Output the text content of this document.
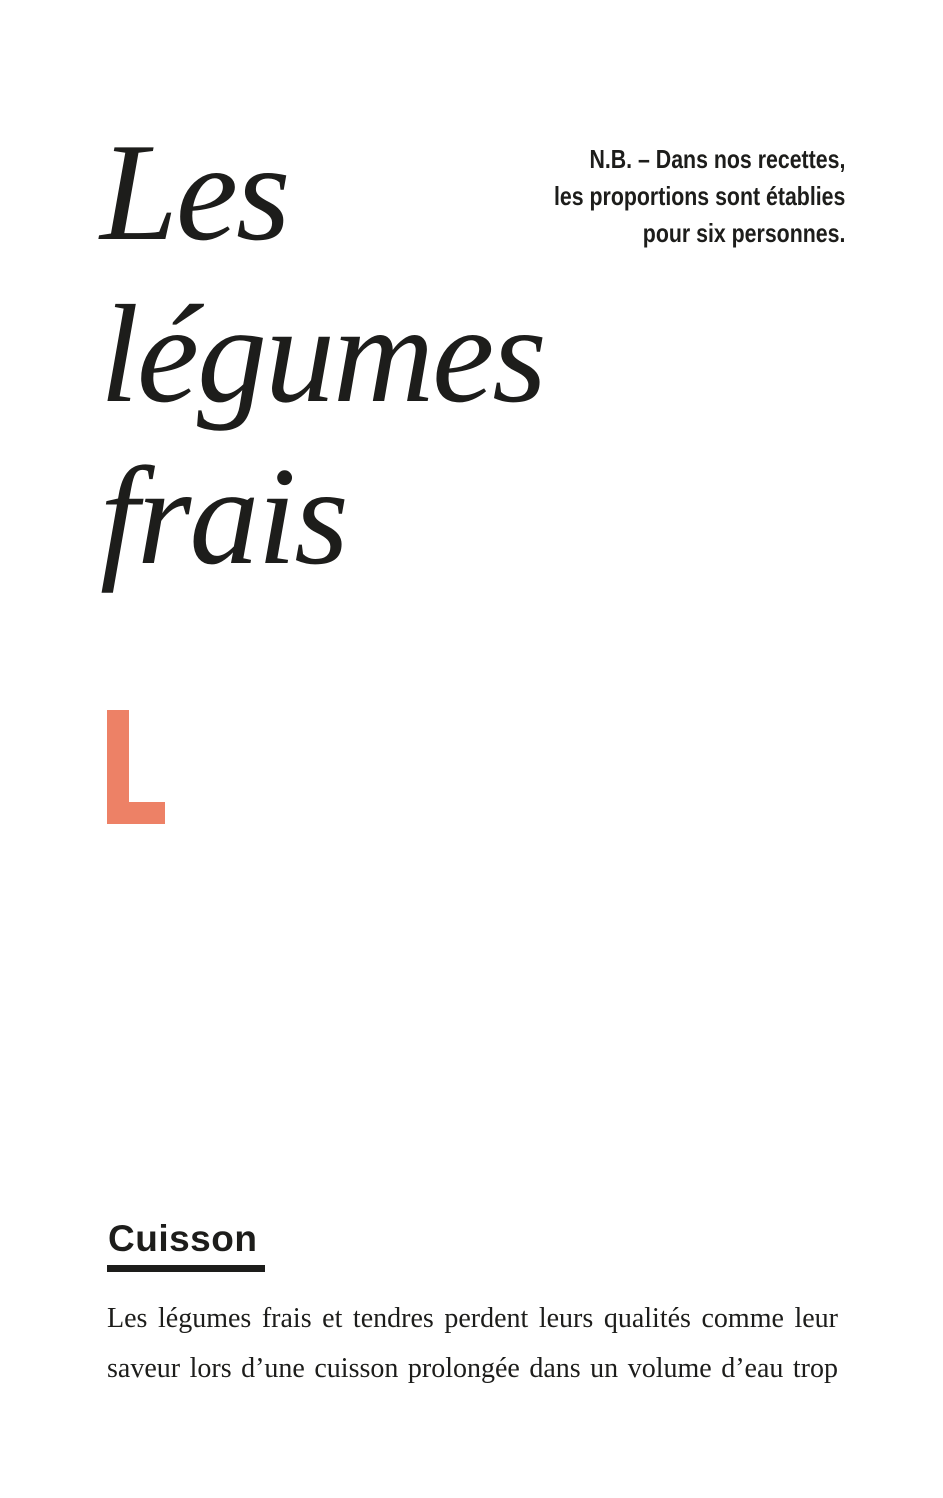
N.B. – Dans nos recettes,
les proportions sont établies
pour six personnes.
Les
légumes
frais
Cuisson
Les légumes frais et tendres perdent leurs qualités comme leur
saveur lors d’une cuisson prolongée dans un volume d’eau trop
